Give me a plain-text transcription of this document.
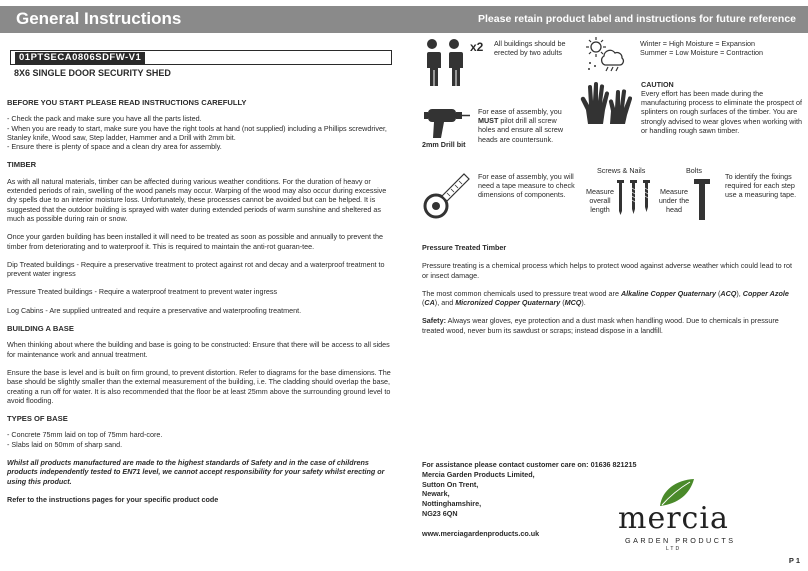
General Instructions	Please retain product label and instructions for future reference
01PTSECA0806SDFW-V1
8X6 SINGLE DOOR SECURITY SHED
BEFORE YOU START PLEASE READ INSTRUCTIONS CAREFULLY

- Check the pack and make sure you have all the parts listed.
- When you are ready to start, make sure you have the right tools at hand (not supplied) including a Phillips screwdriver, Stanley knife, Wood saw, Step ladder, Hammer and a Drill with 2mm bit.
- Ensure there is plenty of space and a clean dry area for assembly.

TIMBER

As with all natural materials, timber can be affected during various weather conditions. For the duration of heavy or extended periods of rain, swelling of the wood panels may occur. Warping of the wood may also occur during excessive dry spells due to an interior moisture loss. Unfortunately, these processes cannot be avoided but can be helped. It is suggested that the outdoor building is sprayed with water during extended periods of warm sunshine and sheltered as much as possible during rain or snow.

Once your garden building has been installed it will need to be treated as soon as possible and annually to prevent the timber from deteriorating and to waterproof it. This is required to maintain the anti-rot guaran-tee.

Dip Treated buildings - Require a preservative treatment to protect against rot and decay and a waterproof treatment to prevent water ingress

Pressure Treated buildings - Require a waterproof treatment to prevent water ingress

Log Cabins - Are supplied untreated and require a preservative and waterproofing treatment.

BUILDING A BASE

When thinking about where the building and base is going to be constructed: Ensure that there will be access to all sides for maintenance work and annual treatment.

Ensure the base is level and is built on firm ground, to prevent distortion. Refer to diagrams for the base dimensions. The base should be slightly smaller than the external measurement of the building, i.e. The cladding should overlap the base, creating a run off for water. It is also recommended that the floor be at least 25mm above the surrounding ground level to avoid flooding.

TYPES OF BASE

- Concrete 75mm laid on top of 75mm hard-core.
- Slabs laid on 50mm of sharp sand.

Whilst all products manufactured are made to the highest standards of Safety and in the case of childrens products independently tested to EN71 level, we cannot accept responsibility for your safety whilst erecting or using this product.

Refer to the instructions pages for your specific product code

x2 All buildings should be erected by two adults
Winter = High Moisture = Expansion
Summer = Low Moisture = Contraction
CAUTION
Every effort has been made during the manufacturing process to eliminate the prospect of splinters on rough surfaces of the timber. You are strongly advised to wear gloves when working with or handling rough sawn timber.
2mm Drill bit
For ease of assembly, you MUST pilot drill all screw holes and ensure all screw heads are countersunk.
For ease of assembly, you will need a tape measure to check dimensions of components.
Screws & Nails	Bolts
Measure overall length
Measure under the head
To identify the fixings required for each step use a measuring tape.
Pressure Treated Timber

Pressure treating is a chemical process which helps to protect wood against adverse weather which could lead to rot or insect damage.

The most common chemicals used to pressure treat wood are Alkaline Copper Quaternary (ACQ), Copper Azole (CA), and Micronized Copper Quaternary (MCQ).

Safety: Always wear gloves, eye protection and a dust mask when handling wood. Due to chemicals in pressure treated wood, never burn its sawdust or scraps; instead dispose in a landfill.

For assistance please contact customer care on: 01636 821215
Mercia Garden Products Limited,
Sutton On Trent,
Newark,
Nottinghamshire,
NG23 6QN
www.merciagardenproducts.co.uk	mercia
GARDEN PRODUCTS
LTD
P 1
